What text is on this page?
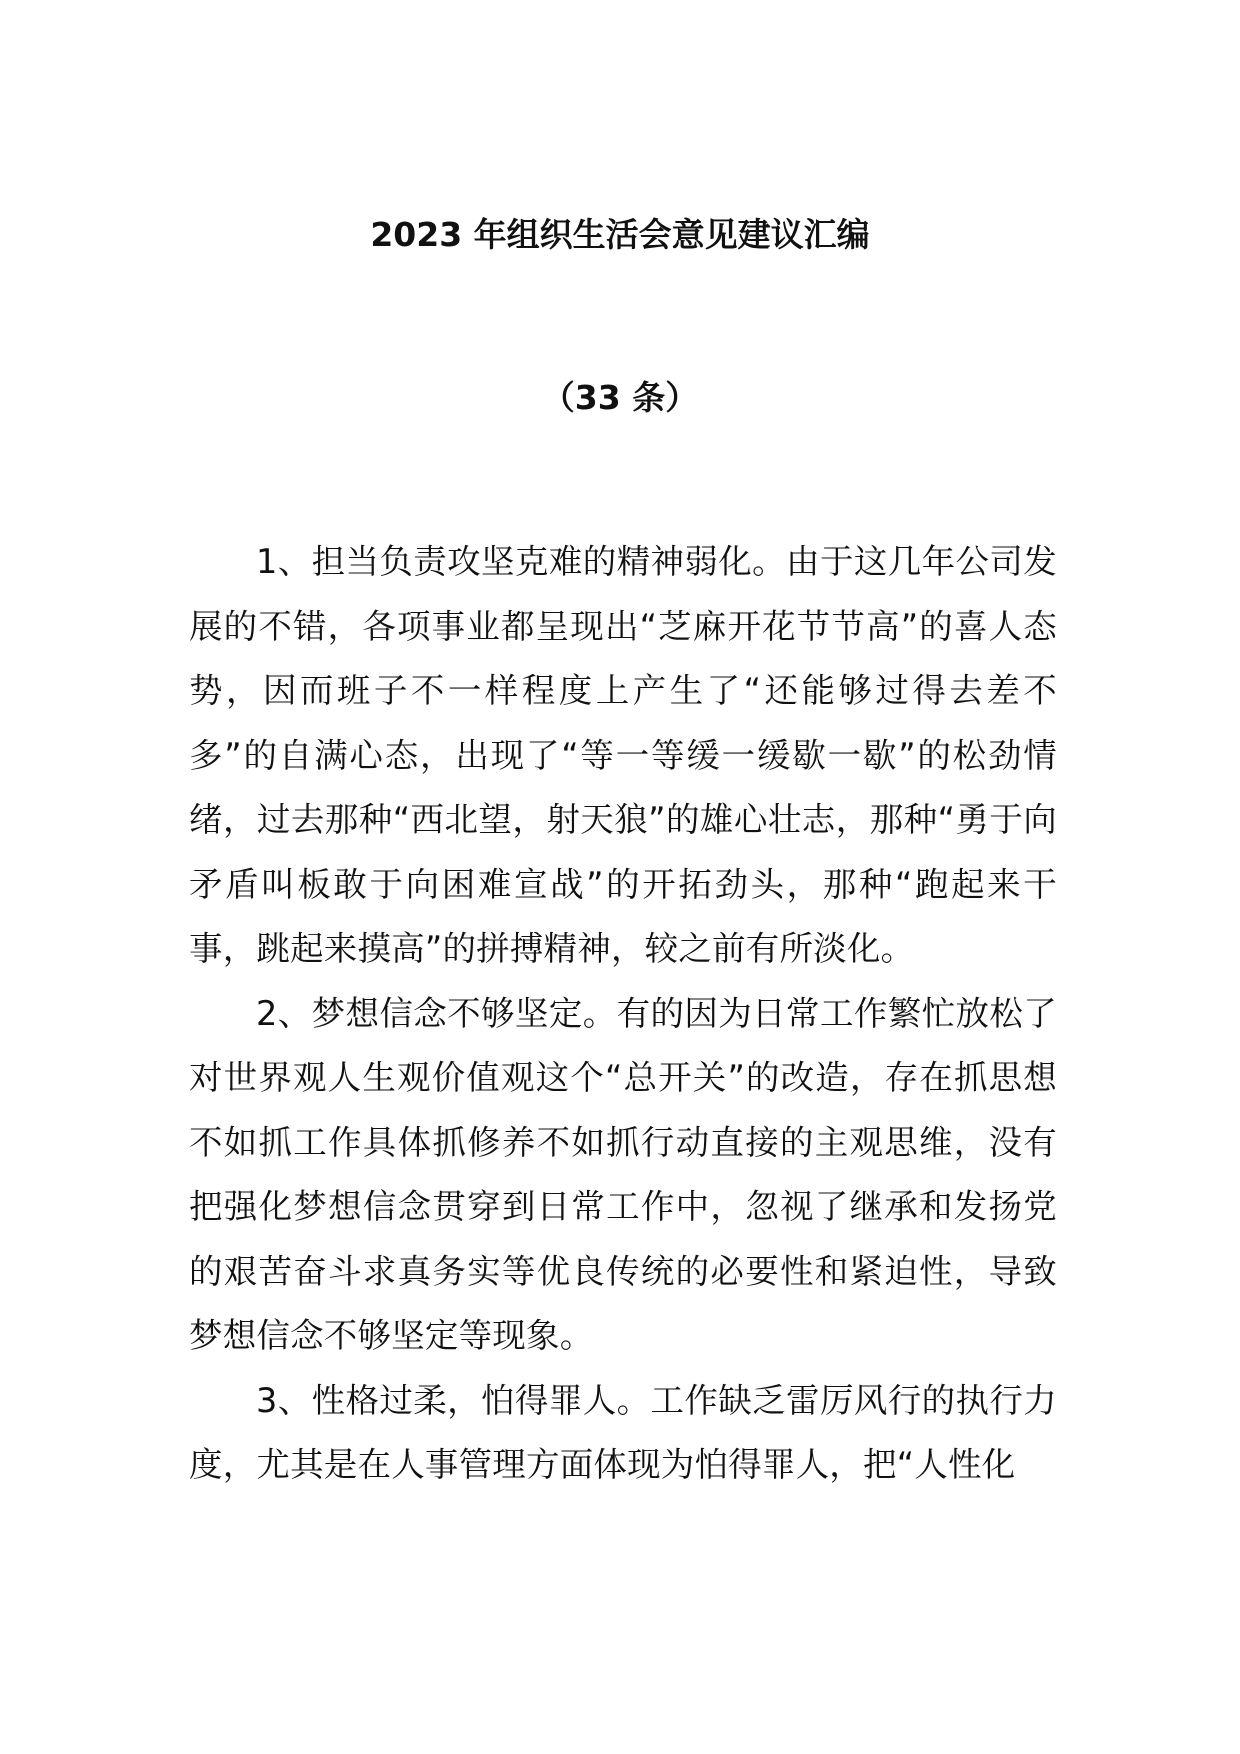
2023 年组织生活会意见建议汇编
（33 条）

1、担当负责攻坚克难的精神弱化。由于这几年公司发展的不错，各项事业都呈现出“芝麻开花节节高”的喜人态势，因而班子不一样程度上产生了“还能够过得去差不多”的自满心态，出现了“等一等缓一缓歇一歇”的松劲情绪，过去那种“西北望，射天狼”的雄心壮志，那种“勇于向矛盾叫板敢于向困难宣战”的开拓劲头，那种“跑起来干事，跳起来摸高”的拼搏精神，较之前有所淡化。

2、梦想信念不够坚定。有的因为日常工作繁忙放松了对世界观人生观价值观这个“总开关”的改造，存在抓思想不如抓工作具体抓修养不如抓行动直接的主观思维，没有把强化梦想信念贯穿到日常工作中，忽视了继承和发扬党的艰苦奋斗求真务实等优良传统的必要性和紧迫性，导致梦想信念不够坚定等现象。

3、性格过柔，怕得罪人。工作缺乏雷厉风行的执行力度，尤其是在人事管理方面体现为怕得罪人，把“人性化
